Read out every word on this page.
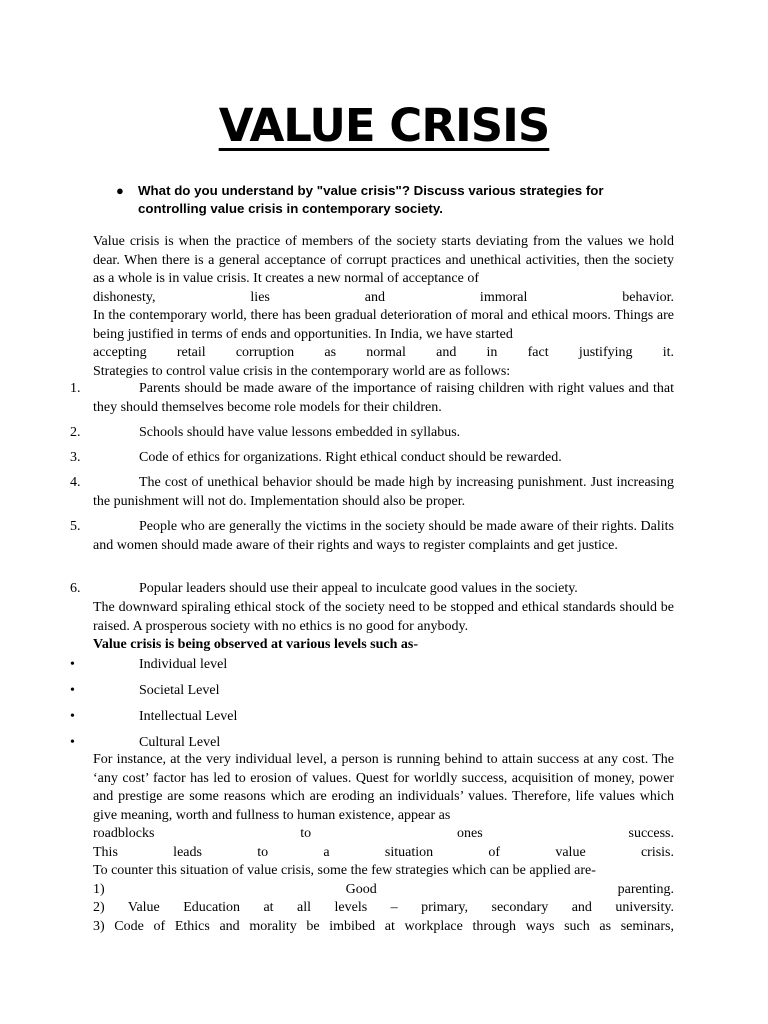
VALUE CRISIS
● What do you understand by "value crisis"? Discuss various strategies for controlling value crisis in contemporary society.
Value crisis is when the practice of members of the society starts deviating from the values we hold dear. When there is a general acceptance of corrupt practices and unethical activities, then the society as a whole is in value crisis. It creates a new normal of acceptance of
dishonesty, lies and immoral behavior.
In the contemporary world, there has been gradual deterioration of moral and ethical moors. Things are being justified in terms of ends and opportunities. In India, we have started
accepting retail corruption as normal and in fact justifying it.
Strategies to control value crisis in the contemporary world are as follows:
1.	Parents should be made aware of the importance of raising children with right values and that they should themselves become role models for their children.
2.	Schools should have value lessons embedded in syllabus.
3.	Code of ethics for organizations. Right ethical conduct should be rewarded.
4.	The cost of unethical behavior should be made high by increasing punishment. Just increasing the punishment will not do. Implementation should also be proper.
5.	People who are generally the victims in the society should be made aware of their rights. Dalits and women should made aware of their rights and ways to register complaints and get justice.
6.	Popular leaders should use their appeal to inculcate good values in the society.
The downward spiraling ethical stock of the society need to be stopped and ethical standards should be raised. A prosperous society with no ethics is no good for anybody.
Value crisis is being observed at various levels such as-
•	Individual level
•	Societal Level
•	Intellectual Level
•	Cultural Level
For instance, at the very individual level, a person is running behind to attain success at any cost. The ‘any cost’ factor has led to erosion of values. Quest for worldly success, acquisition of money, power and prestige are some reasons which are eroding an individuals’ values. Therefore, life values which give meaning, worth and fullness to human existence, appear as
roadblocks to ones success.
This leads to a situation of value crisis.
To counter this situation of value crisis, some the few strategies which can be applied are-
1) Good parenting.
2) Value Education at all levels – primary, secondary and university.
3) Code of Ethics and morality be imbibed at workplace through ways such as seminars,
